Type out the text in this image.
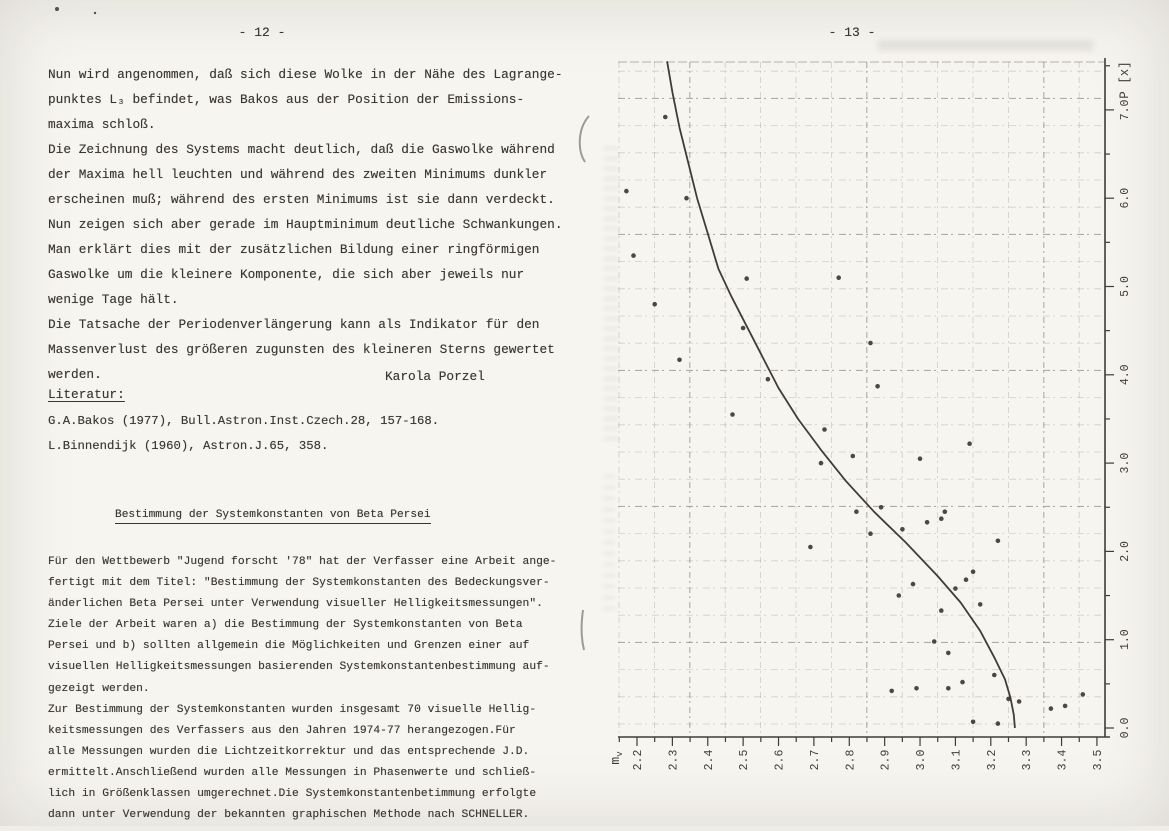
2.2 2.3 2.4 2.5 2.6 2.7 2.8 2.9 3.0 3.1 3.2 3.3 3.4 3.5
0.0
1.0
2.0
3.0
4.0
5.0
6.0
7.0
$m_v$
P [x]
- 12 -
Nun wird angenommen, daß sich diese Wolke in der Nähe des Lagrange-
punktes L₃ befindet, was Bakos aus der Position der Emissions-
maxima schloß.
Die Zeichnung des Systems macht deutlich, daß die Gaswolke während
der Maxima hell leuchten und während des zweiten Minimums dunkler
erscheinen muß; während des ersten Minimums ist sie dann verdeckt.
Nun zeigen sich aber gerade im Hauptminimum deutliche Schwankungen.
Man erklärt dies mit der zusätzlichen Bildung einer ringförmigen
Gaswolke um die kleinere Komponente, die sich aber jeweils nur
wenige Tage hält.
Die Tatsache der Periodenverlängerung kann als Indikator für den
Massenverlust des größeren zugunsten des kleineren Sterns gewertet
werden.	Karola Porzel
Literatur:
G.A.Bakos (1977), Bull.Astron.Inst.Czech.28, 157-168.
L.Binnendijk (1960), Astron.J.65, 358.
Bestimmung der Systemkonstanten von Beta Persei
Für den Wettbewerb "Jugend forscht '78" hat der Verfasser eine Arbeit ange-
fertigt mit dem Titel: "Bestimmung der Systemkonstanten des Bedeckungsver-
änderlichen Beta Persei unter Verwendung visueller Helligkeitsmessungen".
Ziele der Arbeit waren a) die Bestimmung der Systemkonstanten von Beta
Persei und b) sollten allgemein die Möglichkeiten und Grenzen einer auf
visuellen Helligkeitsmessungen basierenden Systemkonstantenbestimmung auf-
gezeigt werden.
Zur Bestimmung der Systemkonstanten wurden insgesamt 70 visuelle Hellig-
keitsmessungen des Verfassers aus den Jahren 1974-77 herangezogen.Für
alle Messungen wurden die Lichtzeitkorrektur und das entsprechende J.D.
ermittelt.Anschließend wurden alle Messungen in Phasenwerte und schließ-
lich in Größenklassen umgerechnet.Die Systemkonstantenbetimmung erfolgte
dann unter Verwendung der bekannten graphischen Methode nach SCHNELLER.
- 13 -
